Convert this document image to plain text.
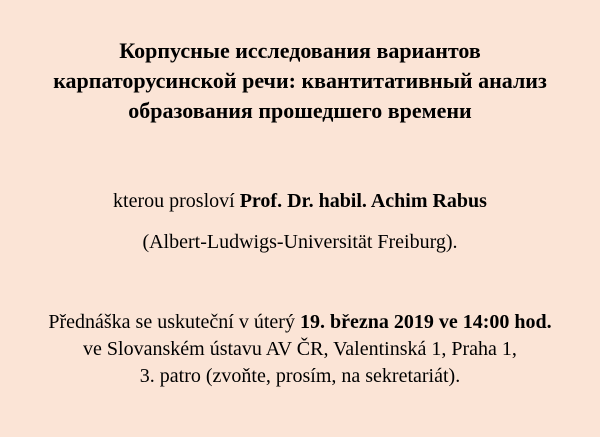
Корпусные исследования вариантов
карпаторусинской речи: квантитативный анализ
образования прошедшего времени
kterou prosloví Prof. Dr. habil. Achim Rabus
(Albert-Ludwigs-Universität Freiburg).
Přednáška se uskuteční v úterý 19. března 2019 ve 14:00 hod.
ve Slovanském ústavu AV ČR, Valentinská 1, Praha 1,
3. patro (zvoňte, prosím, na sekretariát).
